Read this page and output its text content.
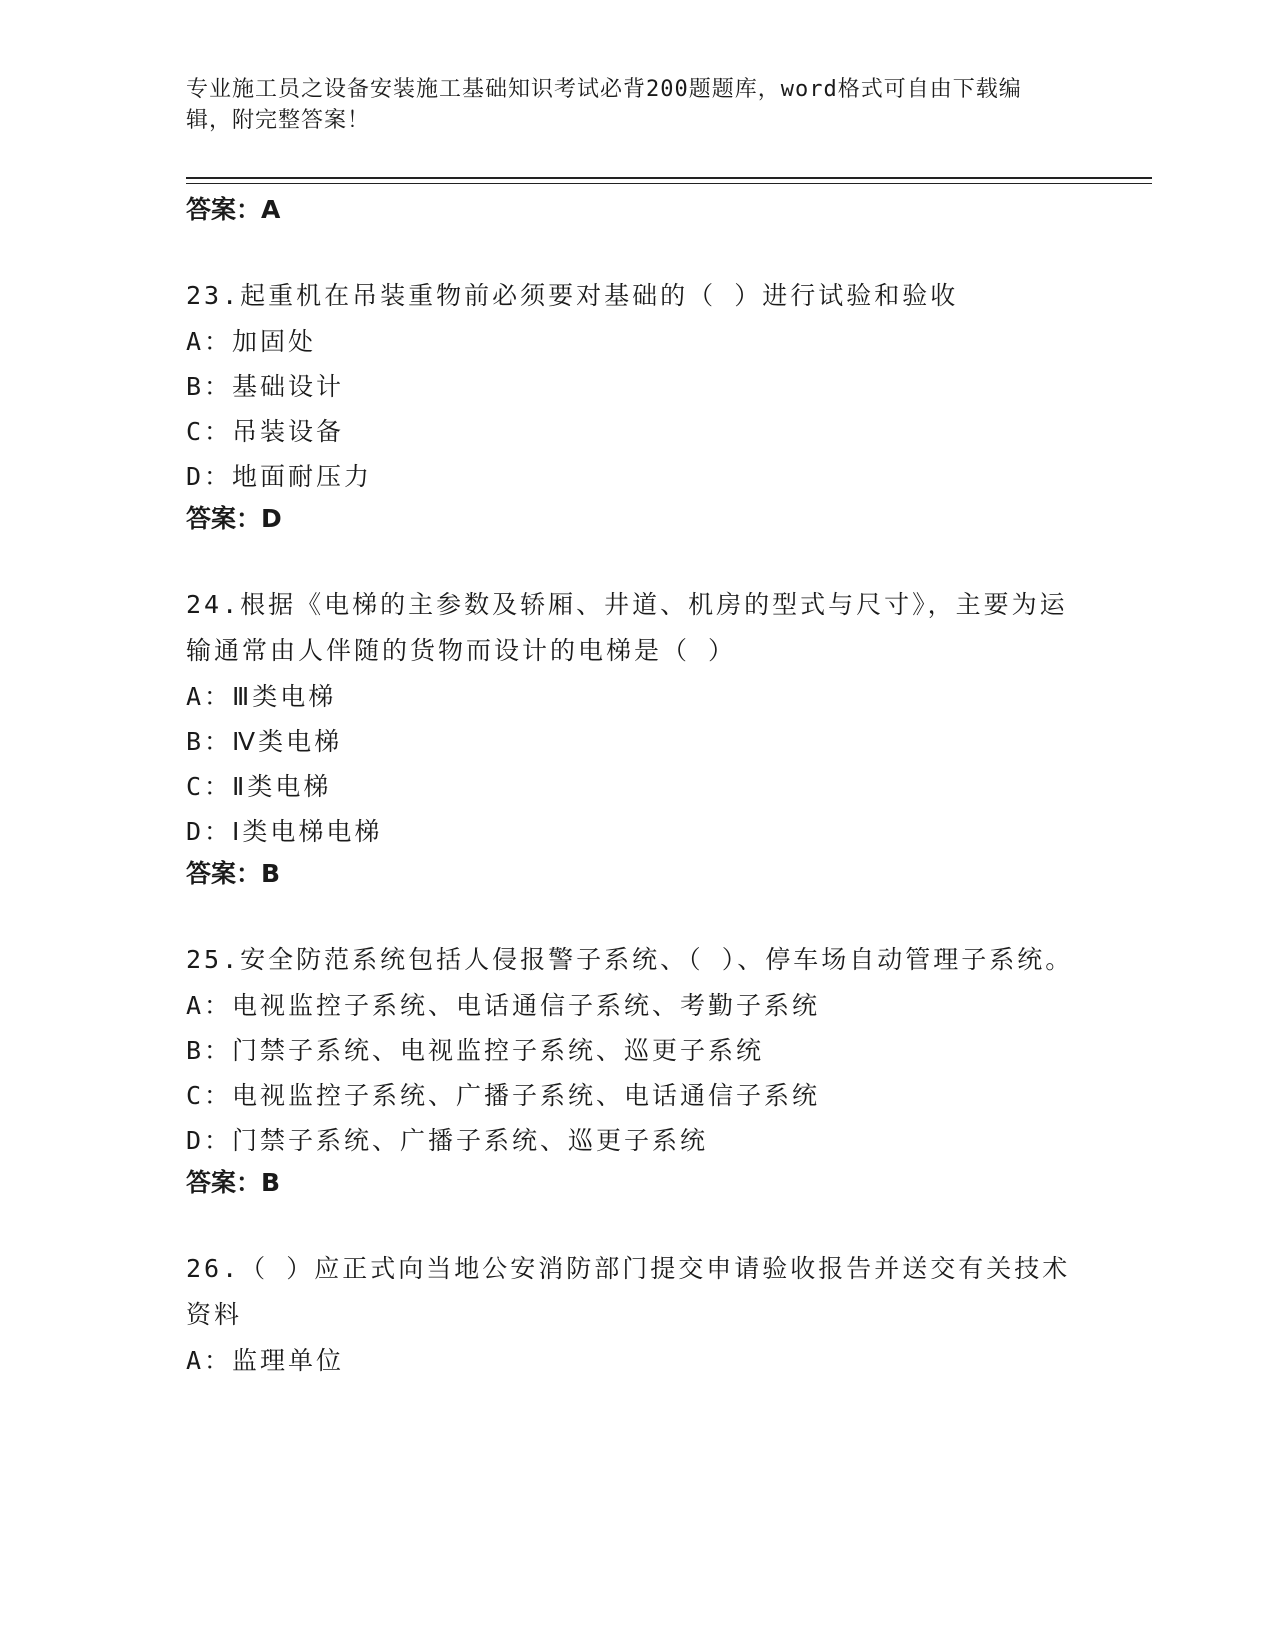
专业施工员之设备安装施工基础知识考试必背200题题库，word格式可自由下载编辑，附完整答案！

答案：A

23.起重机在吊装重物前必须要对基础的（ ）进行试验和验收

A：加固处

B：基础设计

C：吊装设备

D：地面耐压力

答案：D

24.根据《电梯的主参数及轿厢、井道、机房的型式与尺寸》，主要为运输通常由人伴随的货物而设计的电梯是（ ）

A：Ⅲ类电梯

B：Ⅳ类电梯

C：Ⅱ类电梯

D：Ⅰ类电梯电梯

答案：B

25.安全防范系统包括人侵报警子系统、（ ）、停车场自动管理子系统。

A：电视监控子系统、电话通信子系统、考勤子系统

B：门禁子系统、电视监控子系统、巡更子系统

C：电视监控子系统、广播子系统、电话通信子系统

D：门禁子系统、广播子系统、巡更子系统

答案：B

26.（ ）应正式向当地公安消防部门提交申请验收报告并送交有关技术资料

A：监理单位
